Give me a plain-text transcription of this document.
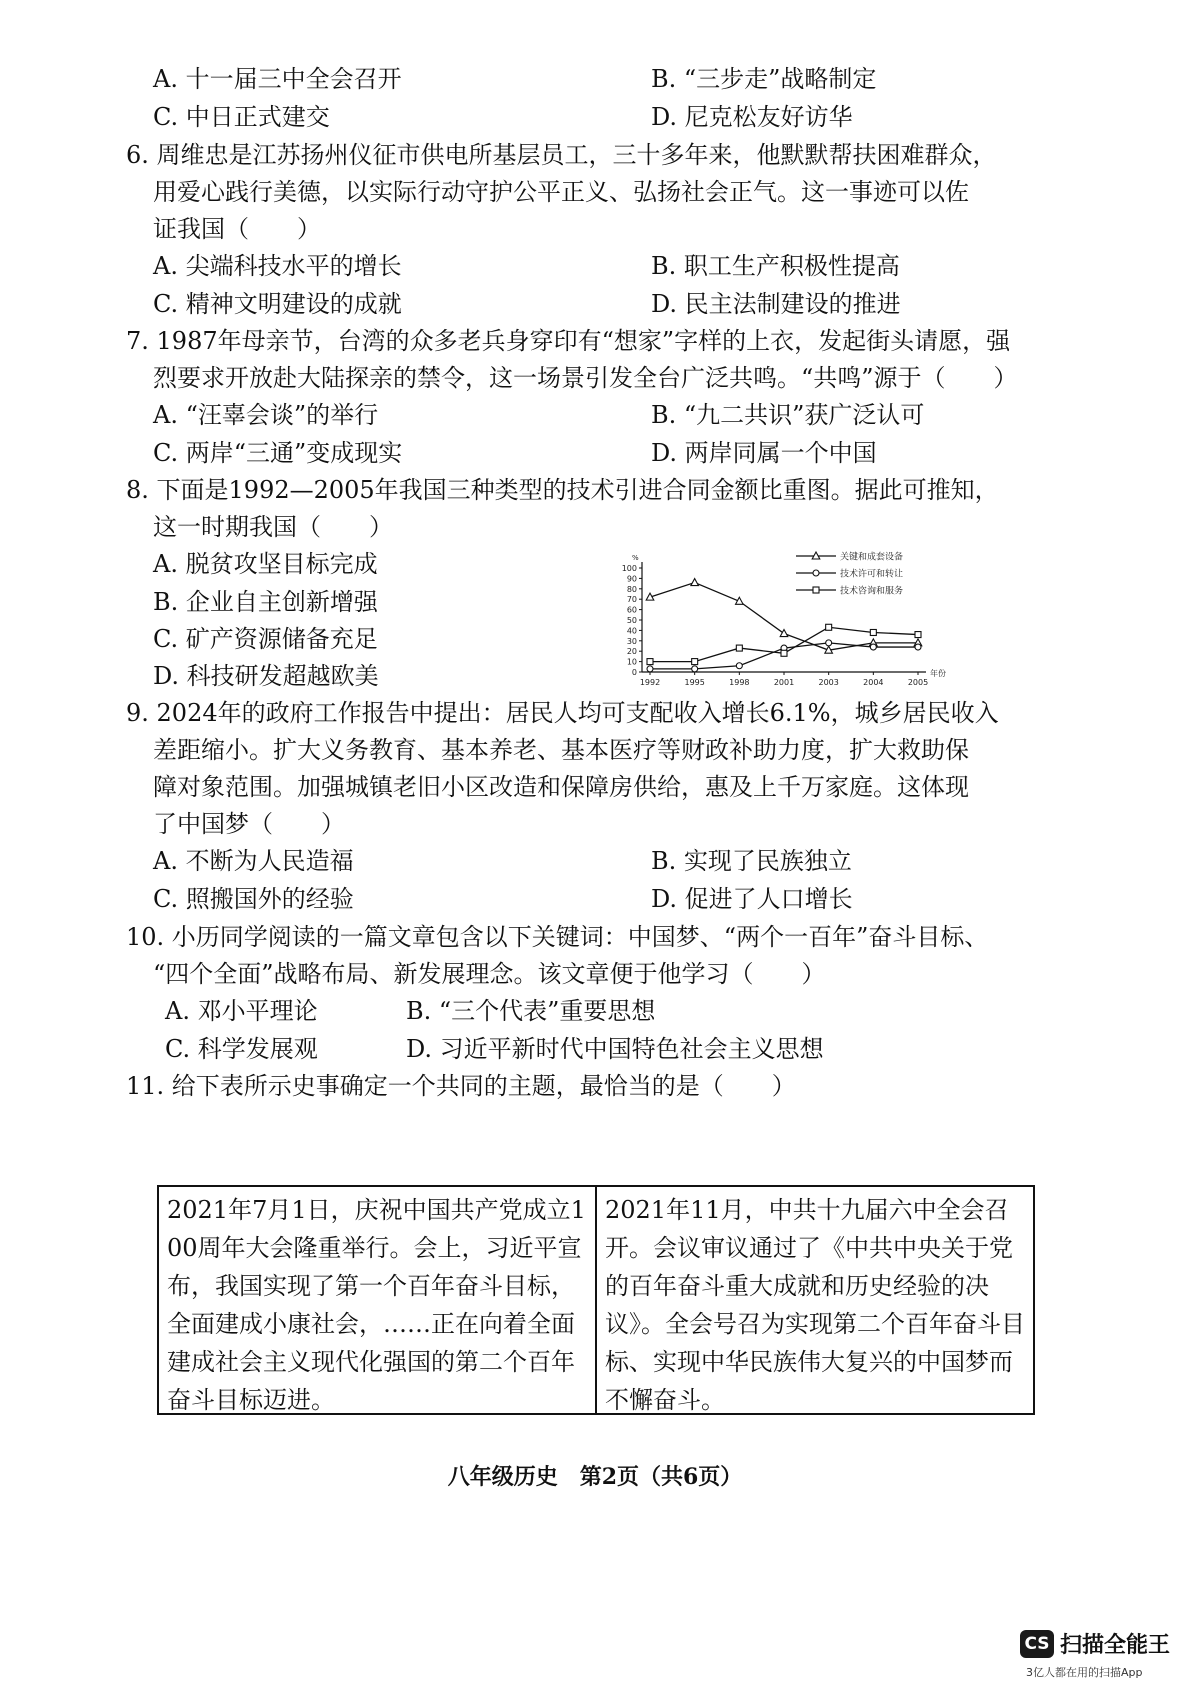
A. 十一届三中全会召开	B. “三步走”战略制定
C. 中日正式建交	D. 尼克松友好访华
6. 周维忠是江苏扬州仪征市供电所基层员工，三十多年来，他默默帮扶困难群众，
用爱心践行美德，以实际行动守护公平正义、弘扬社会正气。这一事迹可以佐
证我国（　　）
A. 尖端科技水平的增长	B. 职工生产积极性提高
C. 精神文明建设的成就	D. 民主法制建设的推进
7. 1987年母亲节，台湾的众多老兵身穿印有“想家”字样的上衣，发起街头请愿，强
烈要求开放赴大陆探亲的禁令，这一场景引发全台广泛共鸣。“共鸣”源于（　　）
A. “汪辜会谈”的举行	B. “九二共识”获广泛认可
C. 两岸“三通”变成现实	D. 两岸同属一个中国
8. 下面是1992—2005年我国三种类型的技术引进合同金额比重图。据此可推知，
这一时期我国（　　）
A. 脱贫攻坚目标完成
B. 企业自主创新增强
C. 矿产资源储备充足
D. 科技研发超越欧美
%
0
10
20
30
40
50
60
70
80
90
100
1992	1995	1998	2001	2003	2004	2005
年份
关键和成套设备
技术许可和转让
技术咨询和服务
9. 2024年的政府工作报告中提出：居民人均可支配收入增长6.1%，城乡居民收入
差距缩小。扩大义务教育、基本养老、基本医疗等财政补助力度，扩大救助保
障对象范围。加强城镇老旧小区改造和保障房供给，惠及上千万家庭。这体现
了中国梦（　　）
A. 不断为人民造福	B. 实现了民族独立
C. 照搬国外的经验	D. 促进了人口增长
10. 小历同学阅读的一篇文章包含以下关键词：中国梦、“两个一百年”奋斗目标、
“四个全面”战略布局、新发展理念。该文章便于他学习（　　）
A. 邓小平理论	B. “三个代表”重要思想
C. 科学发展观	D. 习近平新时代中国特色社会主义思想
11. 给下表所示史事确定一个共同的主题，最恰当的是（　　）
2021年7月1日，庆祝中国共产党成立100周年大会隆重举行。会上，习近平宣布，我国实现了第一个百年奋斗目标，全面建成小康社会，……正在向着全面建成社会主义现代化强国的第二个百年奋斗目标迈进。
2021年11月，中共十九届六中全会召开。会议审议通过了《中共中央关于党的百年奋斗重大成就和历史经验的决议》。全会号召为实现第二个百年奋斗目标、实现中华民族伟大复兴的中国梦而不懈奋斗。
八年级历史　第2页（共6页）
CS 扫描全能王
3亿人都在用的扫描App
